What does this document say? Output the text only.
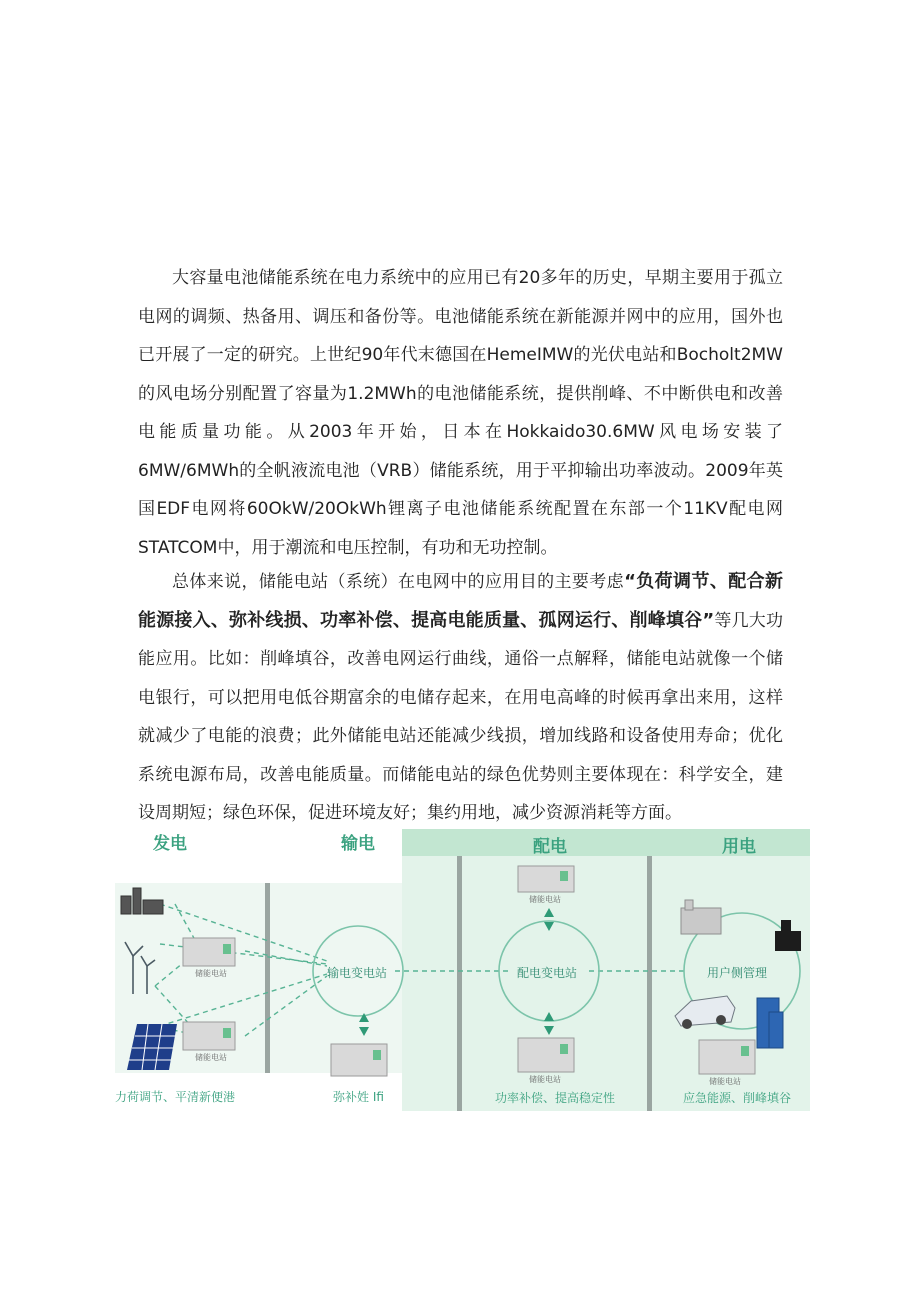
大容量电池储能系统在电力系统中的应用已有20多年的历史，早期主要用于孤立电网的调频、热备用、调压和备份等。电池储能系统在新能源并网中的应用，国外也已开展了一定的研究。上世纪90年代末德国在HemeIMW的光伏电站和Bocholt2MW的风电场分别配置了容量为1.2MWh的电池储能系统，提供削峰、不中断供电和改善电能质量功能。从2003年开始，日本在Hokkaido30.6MW风电场安装了6MW∕6MWh的全帆液流电池（VRB）储能系统，用于平抑输出功率波动。2009年英国EDF电网将60OkW/20OkWh锂离子电池储能系统配置在东部一个11KV配电网STATCOM中，用于潮流和电压控制，有功和无功控制。

总体来说，储能电站（系统）在电网中的应用目的主要考虑“负荷调节、配合新能源接入、弥补线损、功率补偿、提高电能质量、孤网运行、削峰填谷”等几大功能应用。比如：削峰填谷，改善电网运行曲线，通俗一点解释，储能电站就像一个储电银行，可以把用电低谷期富余的电储存起来，在用电高峰的时候再拿出来用，这样就减少了电能的浪费；此外储能电站还能减少线损，增加线路和设备使用寿命；优化系统电源布局，改善电能质量。而储能电站的绿色优势则主要体现在：科学安全，建设周期短；绿色环保，促进环境友好；集约用地，减少资源消耗等方面。

发电	输电	配电	用电
输电变电站	配电变电站	用户侧管理
储能电站
储能电站
储能电站
储能电站	储能电站
力荷调节、平清新便港	弥补姓 Ifi	功率补偿、提高稳定性	应急能源、削峰填谷
